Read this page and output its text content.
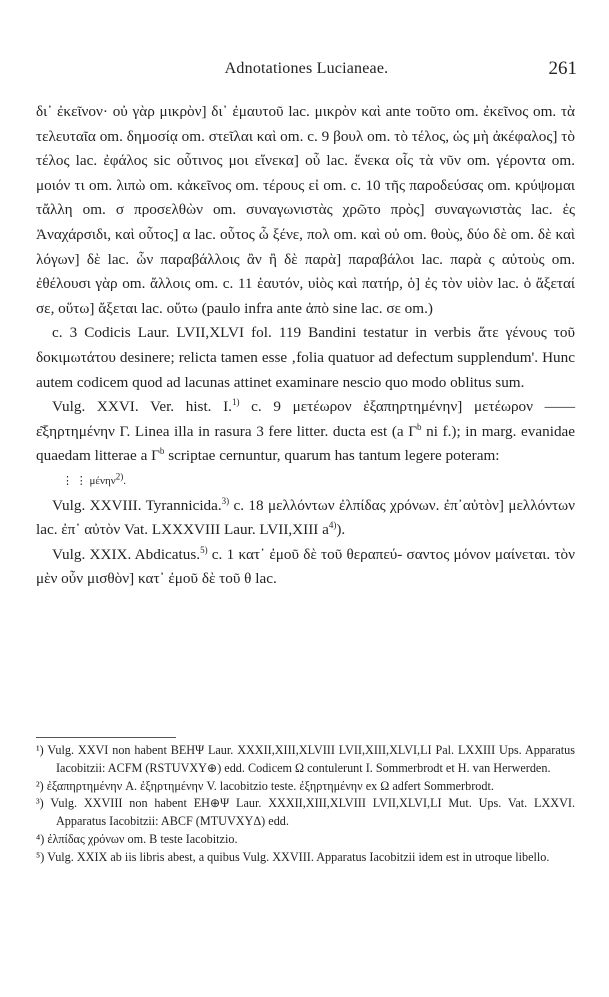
Adnotationes Lucianeae.	261

δι᾿ ἐκεῖνον· οὐ γὰρ μικρὸν] δι᾿ ἐμαυτοῦ lac. μικρὸν καὶ ante τοῦτο om. ἐκεῖνος om. τὰ τελευταῖα om. δημοσίᾳ om. στεῖλαι καὶ om. c. 9 βουλ om. τὸ τέλος, ὡς μὴ ἀκέφαλος] τὸ τέλος lac. ἐφάλος sic οὗτινος μοι εἵνεκα] οὗ lac. ἕνεκα οἷς τὰ νῦν om. γέροντα om. μοιόν τι om. λιπὼ om. κἀκεῖνος om. τέρους εἰ om. c. 10 τῆς παροδεύσας om. κρύψομαι τἄλλη om. σ προσελθὼν om. συναγωνιστὰς χρῶτο πρὸς] συναγωνιστὰς lac. ἐς Ἀναχάρσιδι, καὶ οὗτος] α lac. οὗτος ὦ ξένε, πολ om. καὶ οὐ om. θοὺς, δύο δὲ om. δὲ καὶ λόγων] δὲ lac. ὧν παραβάλλοις ἂν ἢ δὲ παρὰ] παραβάλοι lac. παρὰ ς αὐτοὺς om. ἐθέλουσι γὰρ om. ἄλλοις om. c. 11 ἑαυτόν, υἱὸς καὶ πατήρ, ὁ] ἐς τὸν υἱὸν lac. ὁ ἄξεταί σε, οὕτω] ἄξεται lac. οὕτω (paulo infra ante ἀπὸ sine lac. σε om.)

c. 3 Codicis Laur. LVII,XLVI fol. 119 Bandini testatur in verbis ἅτε γένους τοῦ δοκιμωτάτου desinere; relicta tamen esse ‚folia quatuor ad defectum supplendum'. Hunc autem codicem quod ad lacunas attinet examinare nescio quo modo oblitus sum.

Vulg. XXVI. Ver. hist. I.$^{1)}$ c. 9 μετέωρον ἐξαπηρτημένην] μετέωρον —— ε͂ξηρτημένην Γ. Linea illa in rasura 3 fere litter. ducta est (a $\Gamma^b$ ni f.); in marg. evanidae quaedam litterae a $\Gamma^b$ scriptae cernuntur, quarum has tantum legere poteram:
⋮ ⋮ μένην$^{2)}$.

Vulg. XXVIII. Tyrannicida.$^{3)}$ c. 18 μελλόντων ἐλπίδας χρόνων. ἐπ᾿αὐτὸν] μελλόντων lac. ἐπ᾿ αὐτὸν Vat. LXXXVIII Laur. LVII,XIII $a^{4)}$).

Vulg. XXIX. Abdicatus.$^{5)}$ c. 1 κατ᾿ ἐμοῦ δὲ τοῦ θεραπεύ- σαντος μόνον μαίνεται. τὸν μὲν οὖν μισθὸν] κατ᾿ ἐμοῦ δὲ τοῦ θ lac.

¹) Vulg. XXVI non habent BEHΨ Laur. XXXII,XIII,XLVIII LVII,XIII,XLVI,LI Pal. LXXIII Ups. Apparatus Iacobitzii: ACFM (RSTUVXY⊕) edd. Codicem Ω contulerunt I. Sommerbrodt et H. van Herwerden.

²) ἐξαπηρτημένην A. ἐξηρτημένην V. lacobitzio teste. ἐξηρτημένην ex Ω adfert Sommerbrodt.

³) Vulg. XXVIII non habent EH⊕Ψ Laur. XXXII,XIII,XLVIII LVII,XLVI,LI Mut. Ups. Vat. LXXVI. Apparatus Iacobitzii: ABCF (MTUVXYΔ) edd.

⁴) ἐλπίδας χρόνων om. B teste Iacobitzio.

⁵) Vulg. XXIX ab iis libris abest, a quibus Vulg. XXVIII. Apparatus Iacobitzii idem est in utroque libello.
